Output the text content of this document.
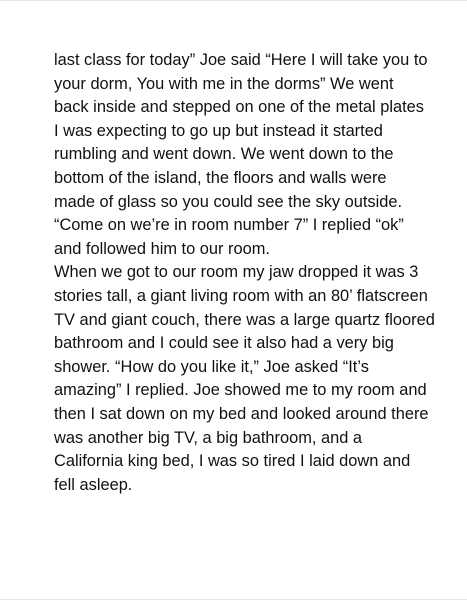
last class for today” Joe said “Here I will take you to
your dorm, You with me in the dorms” We went
back inside and stepped on one of the metal plates
I was expecting to go up but instead it started
rumbling and went down. We went down to the
bottom of the island, the floors and walls were
made of glass so you could see the sky outside.
“Come on we’re in room number 7” I replied “ok”
and followed him to our room.
When we got to our room my jaw dropped it was 3
stories tall, a giant living room with an 80’ flatscreen
TV and giant couch, there was a large quartz floored
bathroom and I could see it also had a very big
shower. “How do you like it,” Joe asked “It’s
amazing” I replied. Joe showed me to my room and
then I sat down on my bed and looked around there
was another big TV, a big bathroom, and a
California king bed, I was so tired I laid down and
fell asleep.
